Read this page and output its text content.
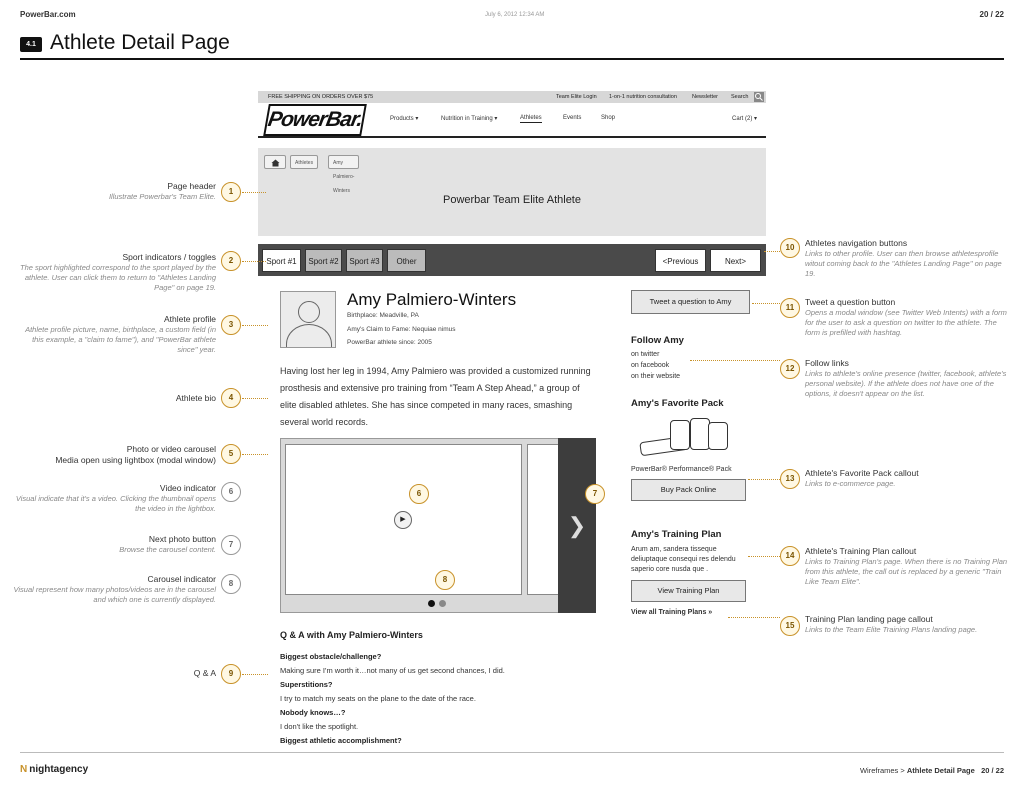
PowerBar.com	July 6, 2012 12:34 AM	20 / 22
4.1 Athlete Detail Page
FREE SHIPPING ON ORDERS OVER $75	Team Elite Login 1-on-1 nutrition consultation	Newsletter Search
PowerBar.	Products ▾	Nutrition in Training ▾	Athletes	Events	Shop	Cart (2) ▾
Athletes	Amy Palmiero-Winters
Powerbar Team Elite Athlete
Sport #1	Sport #2	Sport #3	Other	<Previous	Next>
Amy Palmiero-Winters
Birthplace: Meadville, PA
Amy's Claim to Fame: Nequiae nimus
PowerBar athlete since: 2005
Having lost her leg in 1994, Amy Palmiero was provided a customized running prosthesis and extensive pro training from “Team A Step Ahead,” a group of elite disabled athletes. She has since competed in many races, smashing several world records.
❯
▶
Q & A with Amy Palmiero-Winters
Biggest obstacle/challenge?
Making sure I'm worth it…not many of us get second chances, I did.
Superstitions?
I try to match my seats on the plane to the date of the race.
Nobody knows…?
I don't like the spotlight.
Biggest athletic accomplishment?
Tweet a question to Amy
Follow Amy
on twitter
on facebook
on their website
Amy's Favorite Pack
PowerBar® Performance® Pack
Buy Pack Online
Amy's Training Plan
Arum am, sandera tisseque deliuptaque consequi res delendu saperio core nusda que .
View Training Plan
View all Training Plans »
Page header
Illustrate Powerbar's Team Elite.
1
Sport indicators / toggles
The sport highlighted correspond to the sport played by the athlete. User can click them to return to "Athletes Landing Page" on page 19.
2
Athlete profile
Athlete profile picture, name, birthplace, a custom field (in this example, a "claim to fame"), and "PowerBar athlete since" year.
3
Athlete bio	4
Photo or video carousel
Media open using lightbox (modal window)
5
Video indicator
Visual indicate that it's a video. Clicking the thumbnail opens the video in the lightbox.
6
Next photo button
Browse the carousel content.
7
Carousel indicator
Visual represent how many photos/videos are in the carousel and which one is currently displayed.
8
Q & A	9
6	7
8
10	Athletes navigation buttons
Links to other profile. User can then browse athletesprofile witout coming back to the "Athletes Landing Page" on page 19.
11
Tweet a question button
Opens a modal window (see Twitter Web Intents) with a form for the user to ask a question on twitter to the athlete. The form is prefilled with hashtag.
12
Follow links
Links to athlete's online presence (twitter, facebook, athlete's personal website). If the athlete does not have one of the options, it doesn't appear on the list.
13
Athlete's Favorite Pack callout
Links to e-commerce page.
14	Athlete's Training Plan callout
Links to Training Plan's page. When there is no Training Plan from this athlete, the call out is replaced by a generic "Train Like Team Elite".
15
Training Plan landing page callout
Links to the Team Elite Training Plans landing page.
N nightagency	Wireframes > Athlete Detail Page 20 / 22
